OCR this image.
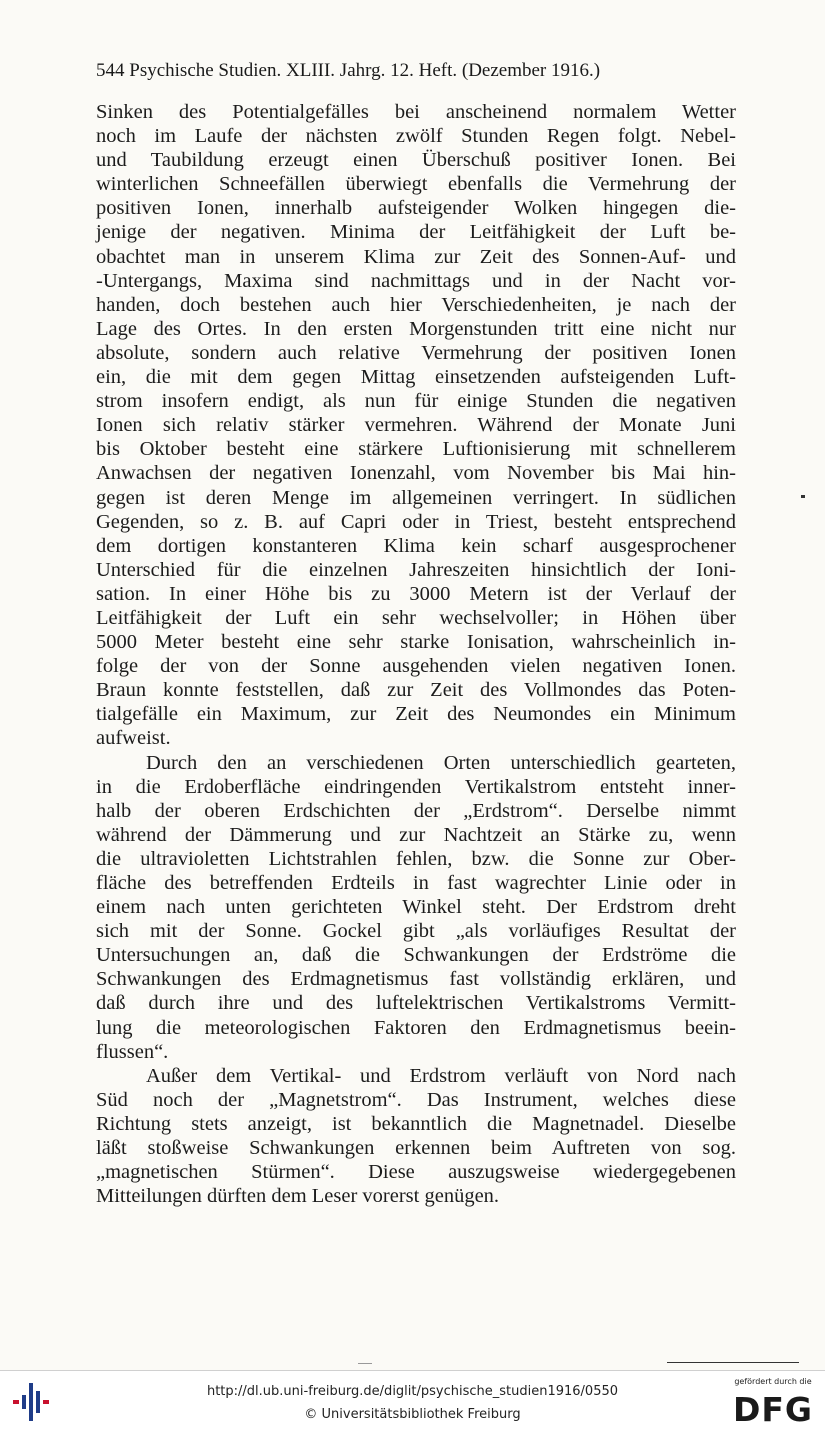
544 Psychische Studien. XLIII. Jahrg. 12. Heft. (Dezember 1916.)
Sinken des Potentialgefälles bei anscheinend normalem Wetter
noch im Laufe der nächsten zwölf Stunden Regen folgt. Nebel-
und Taubildung erzeugt einen Überschuß positiver Ionen. Bei
winterlichen Schneefällen überwiegt ebenfalls die Vermehrung der
positiven Ionen, innerhalb aufsteigender Wolken hingegen die-
jenige der negativen. Minima der Leitfähigkeit der Luft be-
obachtet man in unserem Klima zur Zeit des Sonnen-Auf- und
-Untergangs, Maxima sind nachmittags und in der Nacht vor-
handen, doch bestehen auch hier Verschiedenheiten, je nach der
Lage des Ortes. In den ersten Morgenstunden tritt eine nicht nur
absolute, sondern auch relative Vermehrung der positiven Ionen
ein, die mit dem gegen Mittag einsetzenden aufsteigenden Luft-
strom insofern endigt, als nun für einige Stunden die negativen
Ionen sich relativ stärker vermehren. Während der Monate Juni
bis Oktober besteht eine stärkere Luftionisierung mit schnellerem
Anwachsen der negativen Ionenzahl, vom November bis Mai hin-
gegen ist deren Menge im allgemeinen verringert. In südlichen
Gegenden, so z. B. auf Capri oder in Triest, besteht entsprechend
dem dortigen konstanteren Klima kein scharf ausgesprochener
Unterschied für die einzelnen Jahreszeiten hinsichtlich der Ioni-
sation. In einer Höhe bis zu 3000 Metern ist der Verlauf der
Leitfähigkeit der Luft ein sehr wechselvoller; in Höhen über
5000 Meter besteht eine sehr starke Ionisation, wahrscheinlich in-
folge der von der Sonne ausgehenden vielen negativen Ionen.
Braun konnte feststellen, daß zur Zeit des Vollmondes das Poten-
tialgefälle ein Maximum, zur Zeit des Neumondes ein Minimum
aufweist.
Durch den an verschiedenen Orten unterschiedlich gearteten,
in die Erdoberfläche eindringenden Vertikalstrom entsteht inner-
halb der oberen Erdschichten der „Erdstrom“. Derselbe nimmt
während der Dämmerung und zur Nachtzeit an Stärke zu, wenn
die ultravioletten Lichtstrahlen fehlen, bzw. die Sonne zur Ober-
fläche des betreffenden Erdteils in fast wagrechter Linie oder in
einem nach unten gerichteten Winkel steht. Der Erdstrom dreht
sich mit der Sonne. Gockel gibt „als vorläufiges Resultat der
Untersuchungen an, daß die Schwankungen der Erdströme die
Schwankungen des Erdmagnetismus fast vollständig erklären, und
daß durch ihre und des luftelektrischen Vertikalstroms Vermitt-
lung die meteorologischen Faktoren den Erdmagnetismus beein-
flussen“.
Außer dem Vertikal- und Erdstrom verläuft von Nord nach
Süd noch der „Magnetstrom“. Das Instrument, welches diese
Richtung stets anzeigt, ist bekanntlich die Magnetnadel. Dieselbe
läßt stoßweise Schwankungen erkennen beim Auftreten von sog.
„magnetischen Stürmen“. Diese auszugsweise wiedergegebenen
Mitteilungen dürften dem Leser vorerst genügen.
http://dl.ub.uni-freiburg.de/diglit/psychische_studien1916/0550
© Universitätsbibliothek Freiburg
gefördert durch die
DFG
